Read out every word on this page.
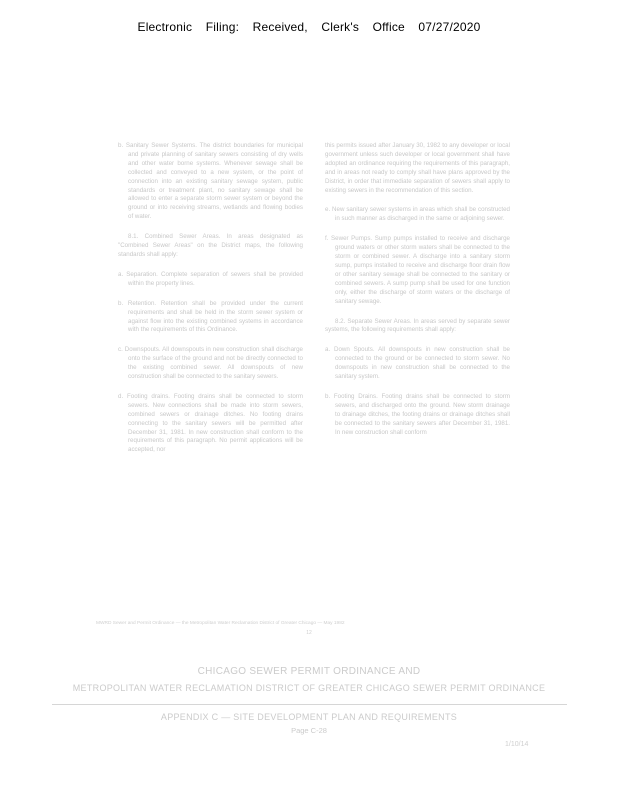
Electronic Filing: Received, Clerk's Office 07/27/2020

b. Sanitary Sewer Systems. The district boundaries for municipal and private planning of sanitary sewers consisting of dry wells and other water borne systems. Whenever sewage shall be collected and conveyed to a new system, or the point of connection into an existing sanitary sewage system, public standards or treatment plant, no sanitary sewage shall be allowed to enter a separate storm sewer system or beyond the ground or into receiving streams, wetlands and flowing bodies of water.

8.1. Combined Sewer Areas. In areas designated as "Combined Sewer Areas" on the District maps, the following standards shall apply:

a. Separation. Complete separation of sewers shall be provided within the property lines.

b. Retention. Retention shall be provided under the current requirements and shall be held in the storm sewer system or against flow into the existing combined systems in accordance with the requirements of this Ordinance.

c. Downspouts. All downspouts in new construction shall discharge onto the surface of the ground and not be directly connected to the existing combined sewer. All downspouts of new construction shall be connected to the sanitary sewers.

d. Footing drains. Footing drains shall be connected to storm sewers. New connections shall be made into storm sewers, combined sewers or drainage ditches. No footing drains connecting to the sanitary sewers will be permitted after December 31, 1981. In new construction shall conform to the requirements of this paragraph. No permit applications will be accepted, nor

this permits issued after January 30, 1982 to any developer or local government unless such developer or local government shall have adopted an ordinance requiring the requirements of this paragraph, and in areas not ready to comply shall have plans approved by the District, in order that immediate separation of sewers shall apply to existing sewers in the recommendation of this section.

e. New sanitary sewer systems in areas which shall be constructed in such manner as discharged in the same or adjoining sewer.

f. Sewer Pumps. Sump pumps installed to receive and discharge ground waters or other storm waters shall be connected to the storm or combined sewer. A discharge into a sanitary storm sump, pumps installed to receive and discharge floor drain flow or other sanitary sewage shall be connected to the sanitary or combined sewers. A sump pump shall be used for one function only, either the discharge of storm waters or the discharge of sanitary sewage.

8.2. Separate Sewer Areas. In areas served by separate sewer systems, the following requirements shall apply:

a. Down Spouts. All downspouts in new construction shall be connected to the ground or be connected to storm sewer. No downspouts in new construction shall be connected to the sanitary system.

b. Footing Drains. Footing drains shall be connected to storm sewers, and discharged onto the ground. New storm drainage to drainage ditches, the footing drains or drainage ditches shall be connected to the sanitary sewers after December 31, 1981. In new construction shall conform

MWRD Sewer and Permit Ordinance — the Metropolitan Water Reclamation District of Greater Chicago — May 1982
12
CHICAGO SEWER PERMIT ORDINANCE AND
METROPOLITAN WATER RECLAMATION DISTRICT OF GREATER CHICAGO SEWER PERMIT ORDINANCE
APPENDIX C — SITE DEVELOPMENT PLAN AND REQUIREMENTS
Page C-28
1/10/14
